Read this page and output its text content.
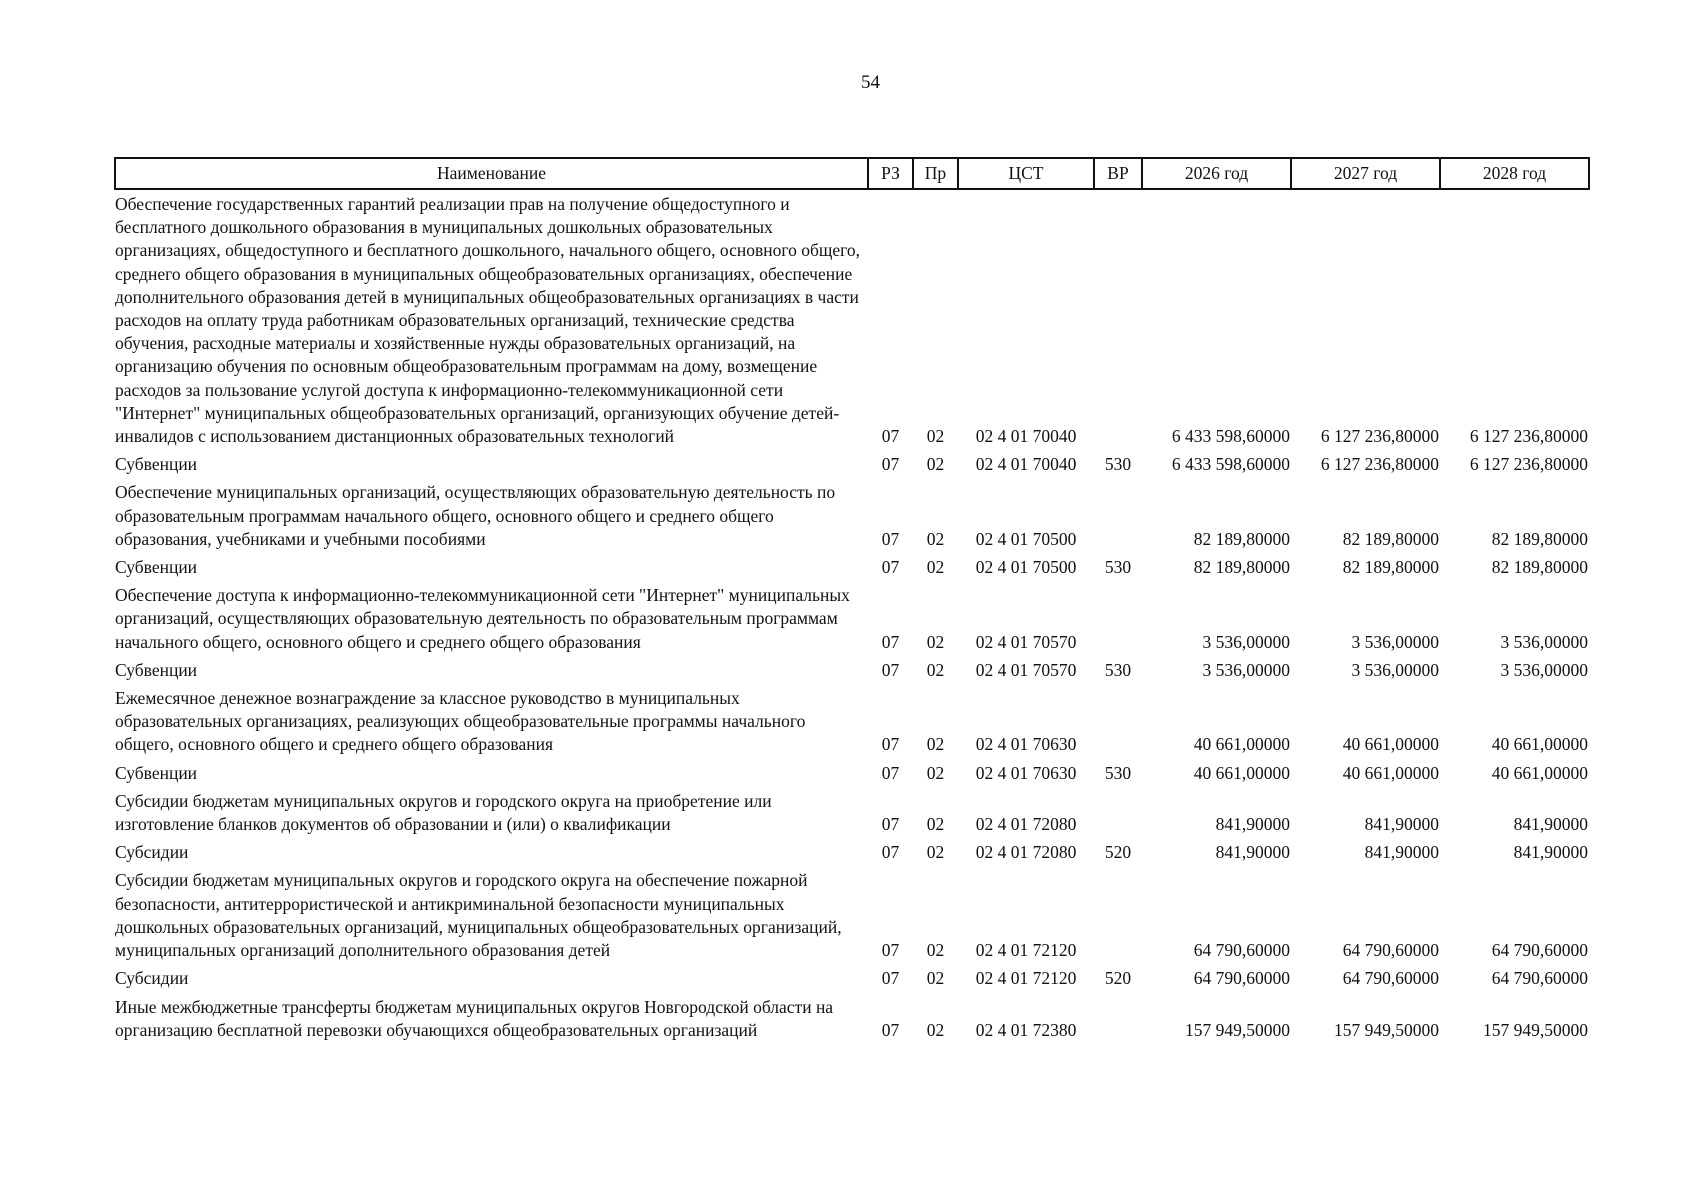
54
Наименование	РЗ	Пр	ЦСТ	ВР	2026 год	2027 год	2028 год
Обеспечение государственных гарантий реализации прав на получение общедоступного и бесплатного дошкольного образования в муниципальных дошкольных образовательных организациях, общедоступного и бесплатного дошкольного, начального общего, основного общего, среднего общего образования в муниципальных общеобразовательных организациях, обеспечение дополнительного образования детей в муниципальных общеобразовательных организациях в части расходов на оплату труда работникам образовательных организаций, технические средства обучения, расходные материалы и хозяйственные нужды образовательных организаций, на организацию обучения по основным общеобразовательным программам на дому, возмещение расходов за пользование услугой доступа к информационно-телекоммуникационной сети "Интернет" муниципальных общеобразовательных организаций, организующих обучение детей-инвалидов с использованием дистанционных образовательных технологий	07	02	02 4 01 70040		6 433 598,60000	6 127 236,80000	6 127 236,80000
Субвенции	07	02	02 4 01 70040	530	6 433 598,60000	6 127 236,80000	6 127 236,80000
Обеспечение муниципальных организаций, осуществляющих образовательную деятельность по образовательным программам начального общего, основного общего и среднего общего образования, учебниками и учебными пособиями	07	02	02 4 01 70500		82 189,80000	82 189,80000	82 189,80000
Субвенции	07	02	02 4 01 70500	530	82 189,80000	82 189,80000	82 189,80000
Обеспечение доступа к информационно-телекоммуникационной сети "Интернет" муниципальных организаций, осуществляющих образовательную деятельность по образовательным программам начального общего, основного общего и среднего общего образования	07	02	02 4 01 70570		3 536,00000	3 536,00000	3 536,00000
Субвенции	07	02	02 4 01 70570	530	3 536,00000	3 536,00000	3 536,00000
Ежемесячное денежное вознаграждение за классное руководство в муниципальных образовательных организациях, реализующих общеобразовательные программы начального общего, основного общего и среднего общего образования	07	02	02 4 01 70630		40 661,00000	40 661,00000	40 661,00000
Субвенции	07	02	02 4 01 70630	530	40 661,00000	40 661,00000	40 661,00000
Субсидии бюджетам муниципальных округов и городского округа на приобретение или изготовление бланков документов об образовании и (или) о квалификации	07	02	02 4 01 72080		841,90000	841,90000	841,90000
Субсидии	07	02	02 4 01 72080	520	841,90000	841,90000	841,90000
Субсидии бюджетам муниципальных округов и городского округа на обеспечение пожарной безопасности, антитеррористической и антикриминальной безопасности муниципальных дошкольных образовательных организаций, муниципальных общеобразовательных организаций, муниципальных организаций дополнительного образования детей	07	02	02 4 01 72120		64 790,60000	64 790,60000	64 790,60000
Субсидии	07	02	02 4 01 72120	520	64 790,60000	64 790,60000	64 790,60000
Иные межбюджетные трансферты бюджетам муниципальных округов Новгородской области на организацию бесплатной перевозки обучающихся общеобразовательных организаций	07	02	02 4 01 72380		157 949,50000	157 949,50000	157 949,50000
